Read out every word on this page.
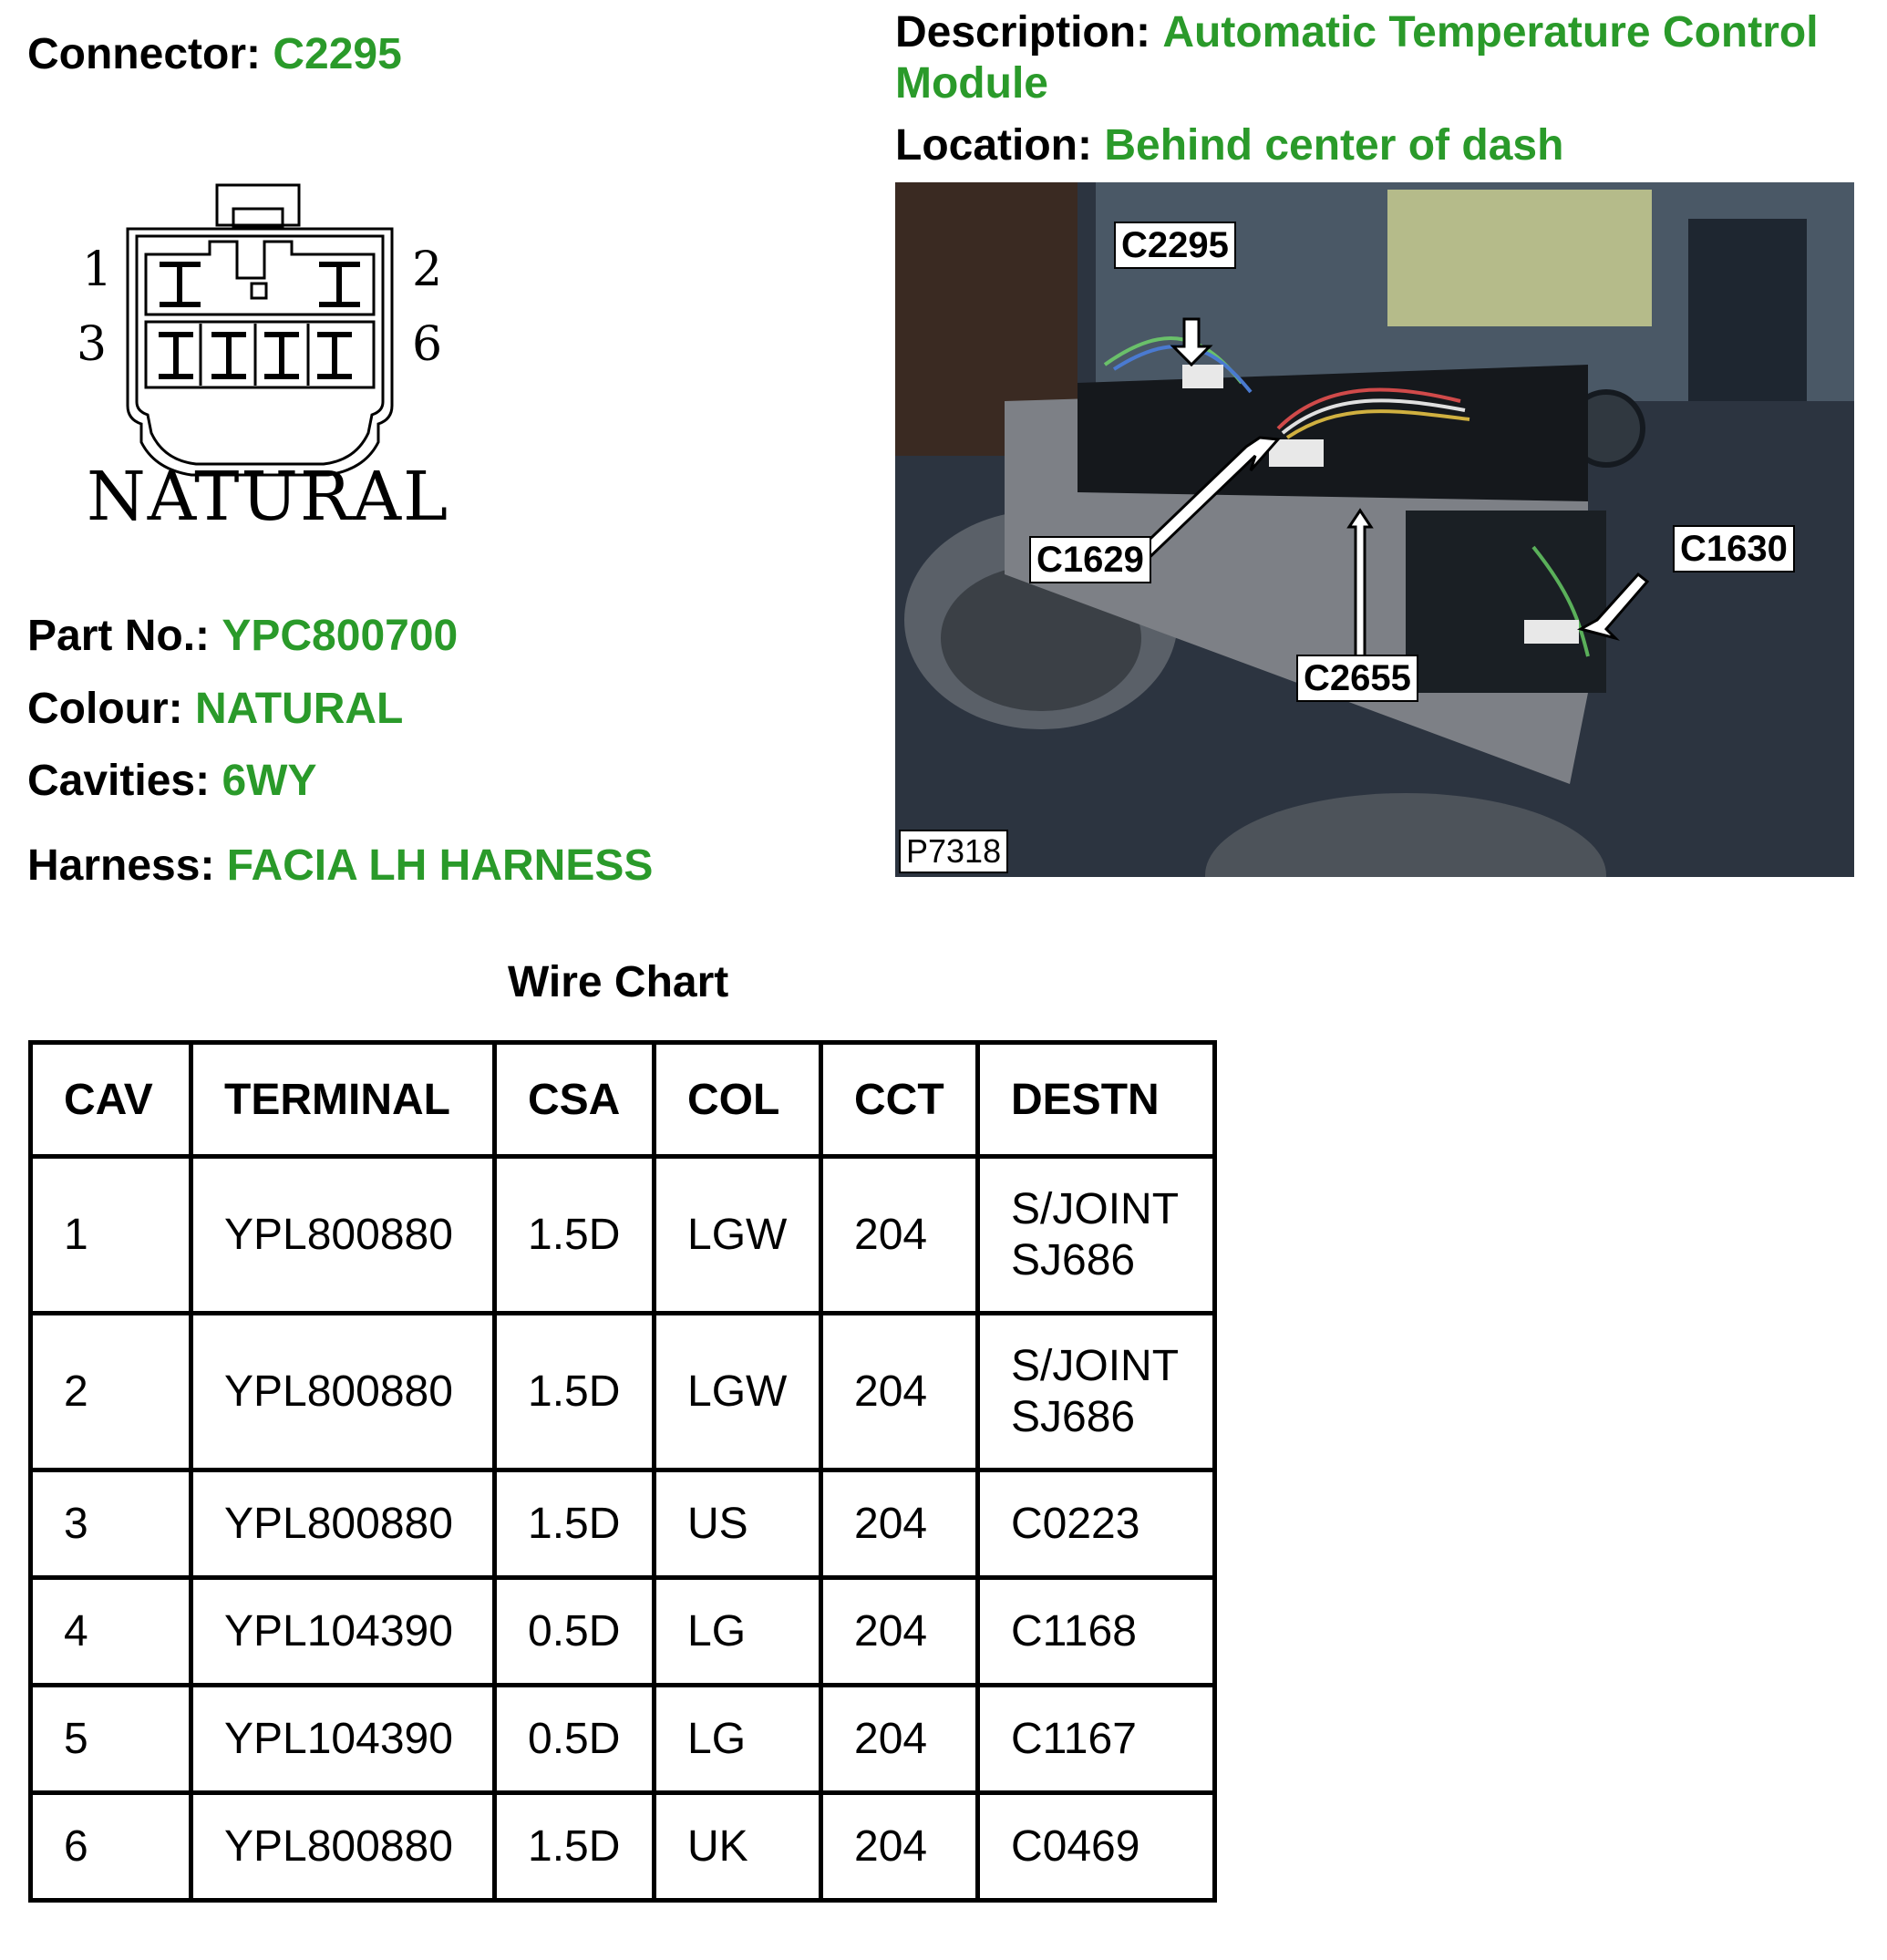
Connector: C2295	Description: Automatic Temperature Control Module
Location: Behind center of dash
1	2
3	6
NATURAL
Part No.: YPC800700
Colour: NATURAL
Cavities: 6WY
Harness: FACIA LH HARNESS
C2295
C1629
C2655
C1630
P7318
Wire Chart
CAV	TERMINAL	CSA	COL	CCT	DESTN
1	YPL800880	1.5D	LGW	204	S/JOINT
SJ686

2	YPL800880	1.5D	LGW	204	S/JOINT
SJ686

3	YPL800880	1.5D	US	204	C0223
4	YPL104390	0.5D	LG	204	C1168
5	YPL104390	0.5D	LG	204	C1167
6	YPL800880	1.5D	UK	204	C0469
